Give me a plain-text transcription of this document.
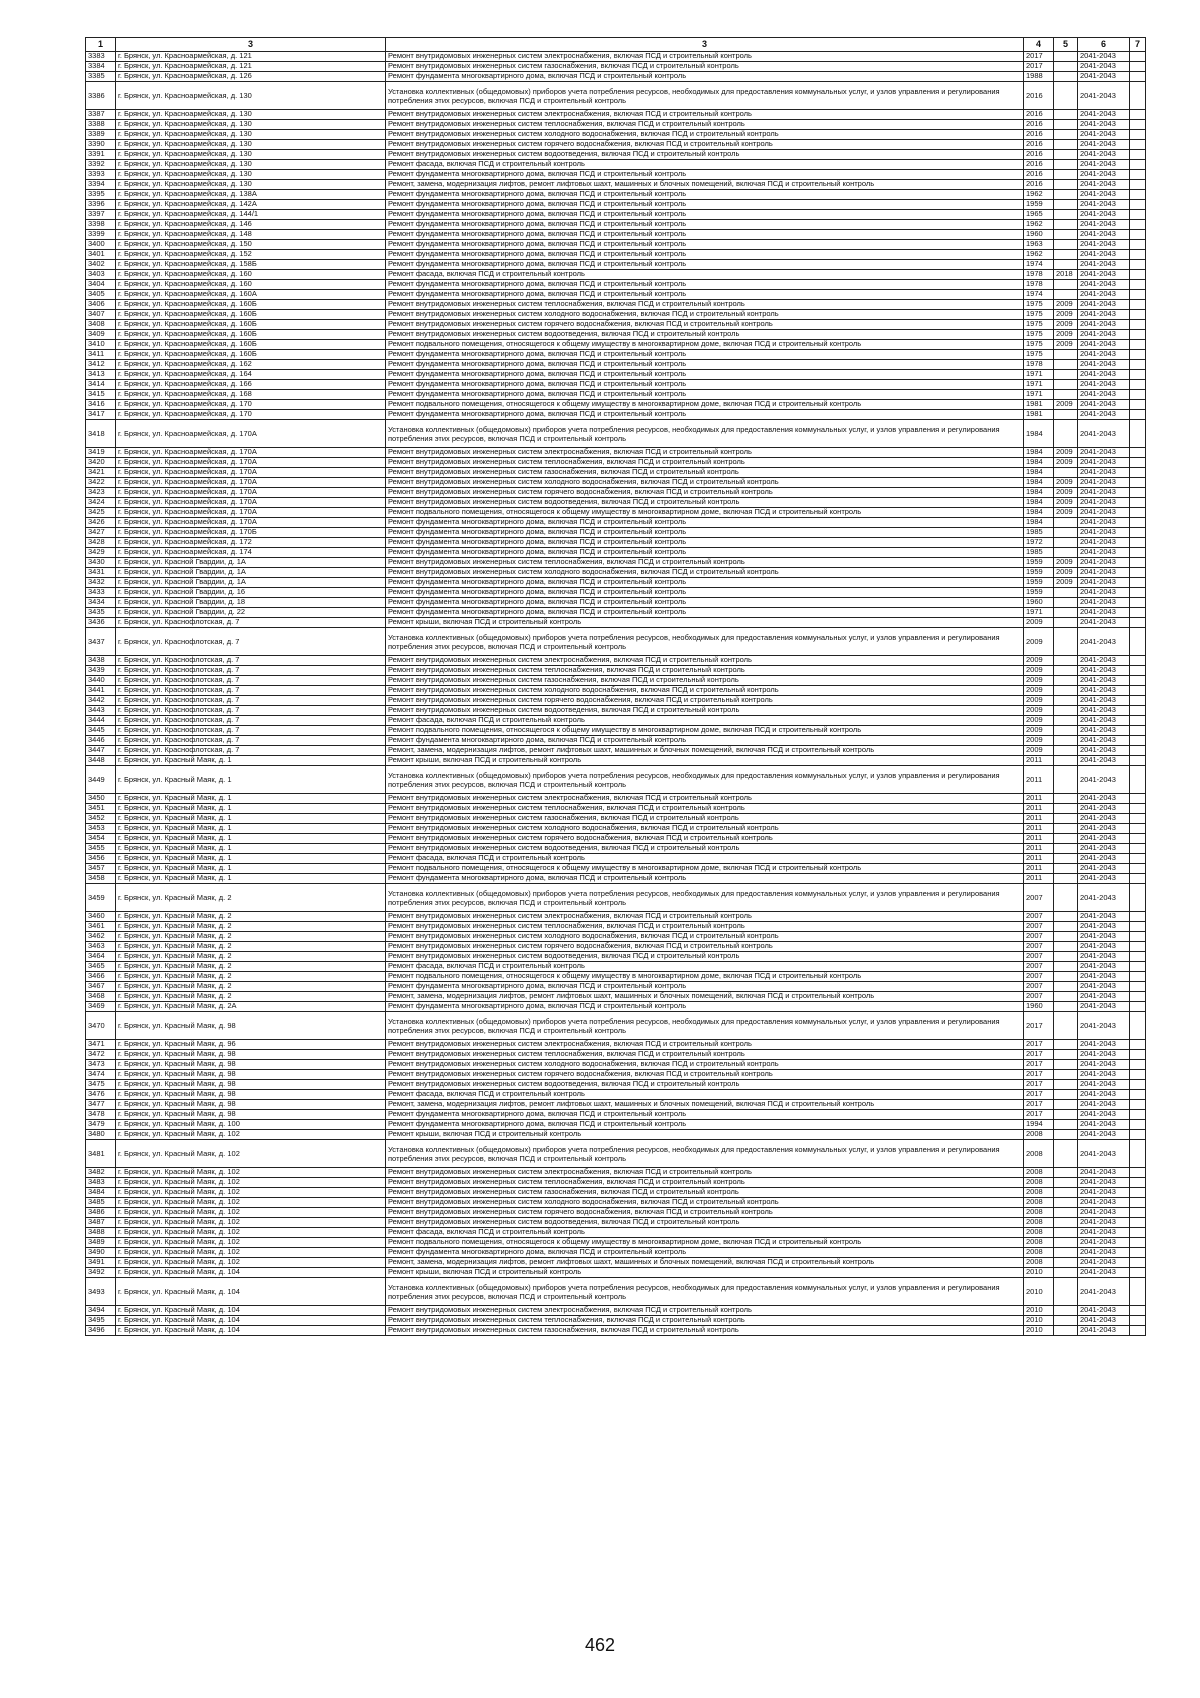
1	3	3	4	5	6	7
3383	г. Брянск, ул. Красноармейская, д. 121	Ремонт внутридомовых инженерных систем электроснабжения, включая ПСД и строительный контроль	2017		2041-2043	
3384	г. Брянск, ул. Красноармейская, д. 121	Ремонт внутридомовых инженерных систем газоснабжения, включая ПСД и строительный контроль	2017		2041-2043	
3385	г. Брянск, ул. Красноармейская, д. 126	Ремонт фундамента многоквартирного дома, включая ПСД и строительный контроль	1988		2041-2043	
3386	г. Брянск, ул. Красноармейская, д. 130	Установка коллективных (общедомовых) приборов учета потребления ресурсов, необходимых для предоставления коммунальных услуг, и узлов управления и регулирования потребления этих ресурсов, включая ПСД и строительный контроль	2016		2041-2043	
3387	г. Брянск, ул. Красноармейская, д. 130	Ремонт внутридомовых инженерных систем электроснабжения, включая ПСД и строительный контроль	2016		2041-2043	
3388	г. Брянск, ул. Красноармейская, д. 130	Ремонт внутридомовых инженерных систем теплоснабжения, включая ПСД и строительный контроль	2016		2041-2043	
3389	г. Брянск, ул. Красноармейская, д. 130	Ремонт внутридомовых инженерных систем холодного водоснабжения, включая ПСД и строительный контроль	2016		2041-2043	
3390	г. Брянск, ул. Красноармейская, д. 130	Ремонт внутридомовых инженерных систем горячего водоснабжения, включая ПСД и строительный контроль	2016		2041-2043	
3391	г. Брянск, ул. Красноармейская, д. 130	Ремонт внутридомовых инженерных систем водоотведения, включая ПСД и строительный контроль	2016		2041-2043	
3392	г. Брянск, ул. Красноармейская, д. 130	Ремонт фасада, включая ПСД и строительный контроль	2016		2041-2043	
3393	г. Брянск, ул. Красноармейская, д. 130	Ремонт фундамента многоквартирного дома, включая ПСД и строительный контроль	2016		2041-2043	
3394	г. Брянск, ул. Красноармейская, д. 130	Ремонт, замена, модернизация лифтов, ремонт лифтовых шахт, машинных и блочных помещений, включая ПСД и строительный контроль	2016		2041-2043	
3395	г. Брянск, ул. Красноармейская, д. 138А	Ремонт фундамента многоквартирного дома, включая ПСД и строительный контроль	1962		2041-2043	
3396	г. Брянск, ул. Красноармейская, д. 142А	Ремонт фундамента многоквартирного дома, включая ПСД и строительный контроль	1959		2041-2043	
3397	г. Брянск, ул. Красноармейская, д. 144/1	Ремонт фундамента многоквартирного дома, включая ПСД и строительный контроль	1965		2041-2043	
3398	г. Брянск, ул. Красноармейская, д. 146	Ремонт фундамента многоквартирного дома, включая ПСД и строительный контроль	1962		2041-2043	
3399	г. Брянск, ул. Красноармейская, д. 148	Ремонт фундамента многоквартирного дома, включая ПСД и строительный контроль	1960		2041-2043	
3400	г. Брянск, ул. Красноармейская, д. 150	Ремонт фундамента многоквартирного дома, включая ПСД и строительный контроль	1963		2041-2043	
3401	г. Брянск, ул. Красноармейская, д. 152	Ремонт фундамента многоквартирного дома, включая ПСД и строительный контроль	1962		2041-2043	
3402	г. Брянск, ул. Красноармейская, д. 158Б	Ремонт фундамента многоквартирного дома, включая ПСД и строительный контроль	1974		2041-2043	
3403	г. Брянск, ул. Красноармейская, д. 160	Ремонт фасада, включая ПСД и строительный контроль	1978	2018	2041-2043	
3404	г. Брянск, ул. Красноармейская, д. 160	Ремонт фундамента многоквартирного дома, включая ПСД и строительный контроль	1978		2041-2043	
3405	г. Брянск, ул. Красноармейская, д. 160А	Ремонт фундамента многоквартирного дома, включая ПСД и строительный контроль	1974		2041-2043	
3406	г. Брянск, ул. Красноармейская, д. 160Б	Ремонт внутридомовых инженерных систем теплоснабжения, включая ПСД и строительный контроль	1975	2009	2041-2043	
3407	г. Брянск, ул. Красноармейская, д. 160Б	Ремонт внутридомовых инженерных систем холодного водоснабжения, включая ПСД и строительный контроль	1975	2009	2041-2043	
3408	г. Брянск, ул. Красноармейская, д. 160Б	Ремонт внутридомовых инженерных систем горячего водоснабжения, включая ПСД и строительный контроль	1975	2009	2041-2043	
3409	г. Брянск, ул. Красноармейская, д. 160Б	Ремонт внутридомовых инженерных систем водоотведения, включая ПСД и строительный контроль	1975	2009	2041-2043	
3410	г. Брянск, ул. Красноармейская, д. 160Б	Ремонт подвального помещения, относящегося к общему имуществу в многоквартирном доме, включая ПСД и строительный контроль	1975	2009	2041-2043	
3411	г. Брянск, ул. Красноармейская, д. 160Б	Ремонт фундамента многоквартирного дома, включая ПСД и строительный контроль	1975		2041-2043	
3412	г. Брянск, ул. Красноармейская, д. 162	Ремонт фундамента многоквартирного дома, включая ПСД и строительный контроль	1978		2041-2043	
3413	г. Брянск, ул. Красноармейская, д. 164	Ремонт фундамента многоквартирного дома, включая ПСД и строительный контроль	1971		2041-2043	
3414	г. Брянск, ул. Красноармейская, д. 166	Ремонт фундамента многоквартирного дома, включая ПСД и строительный контроль	1971		2041-2043	
3415	г. Брянск, ул. Красноармейская, д. 168	Ремонт фундамента многоквартирного дома, включая ПСД и строительный контроль	1971		2041-2043	
3416	г. Брянск, ул. Красноармейская, д. 170	Ремонт подвального помещения, относящегося к общему имуществу в многоквартирном доме, включая ПСД и строительный контроль	1981	2009	2041-2043	
3417	г. Брянск, ул. Красноармейская, д. 170	Ремонт фундамента многоквартирного дома, включая ПСД и строительный контроль	1981		2041-2043	
3418	г. Брянск, ул. Красноармейская, д. 170А	Установка коллективных (общедомовых) приборов учета потребления ресурсов, необходимых для предоставления коммунальных услуг, и узлов управления и регулирования потребления этих ресурсов, включая ПСД и строительный контроль	1984		2041-2043	
3419	г. Брянск, ул. Красноармейская, д. 170А	Ремонт внутридомовых инженерных систем электроснабжения, включая ПСД и строительный контроль	1984	2009	2041-2043	
3420	г. Брянск, ул. Красноармейская, д. 170А	Ремонт внутридомовых инженерных систем теплоснабжения, включая ПСД и строительный контроль	1984	2009	2041-2043	
3421	г. Брянск, ул. Красноармейская, д. 170А	Ремонт внутридомовых инженерных систем газоснабжения, включая ПСД и строительный контроль	1984		2041-2043	
3422	г. Брянск, ул. Красноармейская, д. 170А	Ремонт внутридомовых инженерных систем холодного водоснабжения, включая ПСД и строительный контроль	1984	2009	2041-2043	
3423	г. Брянск, ул. Красноармейская, д. 170А	Ремонт внутридомовых инженерных систем горячего водоснабжения, включая ПСД и строительный контроль	1984	2009	2041-2043	
3424	г. Брянск, ул. Красноармейская, д. 170А	Ремонт внутридомовых инженерных систем водоотведения, включая ПСД и строительный контроль	1984	2009	2041-2043	
3425	г. Брянск, ул. Красноармейская, д. 170А	Ремонт подвального помещения, относящегося к общему имуществу в многоквартирном доме, включая ПСД и строительный контроль	1984	2009	2041-2043	
3426	г. Брянск, ул. Красноармейская, д. 170А	Ремонт фундамента многоквартирного дома, включая ПСД и строительный контроль	1984		2041-2043	
3427	г. Брянск, ул. Красноармейская, д. 170Б	Ремонт фундамента многоквартирного дома, включая ПСД и строительный контроль	1985		2041-2043	
3428	г. Брянск, ул. Красноармейская, д. 172	Ремонт фундамента многоквартирного дома, включая ПСД и строительный контроль	1972		2041-2043	
3429	г. Брянск, ул. Красноармейская, д. 174	Ремонт фундамента многоквартирного дома, включая ПСД и строительный контроль	1985		2041-2043	
3430	г. Брянск, ул. Красной Гвардии, д. 1А	Ремонт внутридомовых инженерных систем теплоснабжения, включая ПСД и строительный контроль	1959	2009	2041-2043	
3431	г. Брянск, ул. Красной Гвардии, д. 1А	Ремонт внутридомовых инженерных систем холодного водоснабжения, включая ПСД и строительный контроль	1959	2009	2041-2043	
3432	г. Брянск, ул. Красной Гвардии, д. 1А	Ремонт фундамента многоквартирного дома, включая ПСД и строительный контроль	1959	2009	2041-2043	
3433	г. Брянск, ул. Красной Гвардии, д. 16	Ремонт фундамента многоквартирного дома, включая ПСД и строительный контроль	1959		2041-2043	
3434	г. Брянск, ул. Красной Гвардии, д. 18	Ремонт фундамента многоквартирного дома, включая ПСД и строительный контроль	1960		2041-2043	
3435	г. Брянск, ул. Красной Гвардии, д. 22	Ремонт фундамента многоквартирного дома, включая ПСД и строительный контроль	1971		2041-2043	
3436	г. Брянск, ул. Краснофлотская, д. 7	Ремонт крыши, включая ПСД и строительный контроль	2009		2041-2043	
3437	г. Брянск, ул. Краснофлотская, д. 7	Установка коллективных (общедомовых) приборов учета потребления ресурсов, необходимых для предоставления коммунальных услуг, и узлов управления и регулирования потребления этих ресурсов, включая ПСД и строительный контроль	2009		2041-2043	
3438	г. Брянск, ул. Краснофлотская, д. 7	Ремонт внутридомовых инженерных систем электроснабжения, включая ПСД и строительный контроль	2009		2041-2043	
3439	г. Брянск, ул. Краснофлотская, д. 7	Ремонт внутридомовых инженерных систем теплоснабжения, включая ПСД и строительный контроль	2009		2041-2043	
3440	г. Брянск, ул. Краснофлотская, д. 7	Ремонт внутридомовых инженерных систем газоснабжения, включая ПСД и строительный контроль	2009		2041-2043	
3441	г. Брянск, ул. Краснофлотская, д. 7	Ремонт внутридомовых инженерных систем холодного водоснабжения, включая ПСД и строительный контроль	2009		2041-2043	
3442	г. Брянск, ул. Краснофлотская, д. 7	Ремонт внутридомовых инженерных систем горячего водоснабжения, включая ПСД и строительный контроль	2009		2041-2043	
3443	г. Брянск, ул. Краснофлотская, д. 7	Ремонт внутридомовых инженерных систем водоотведения, включая ПСД и строительный контроль	2009		2041-2043	
3444	г. Брянск, ул. Краснофлотская, д. 7	Ремонт фасада, включая ПСД и строительный контроль	2009		2041-2043	
3445	г. Брянск, ул. Краснофлотская, д. 7	Ремонт подвального помещения, относящегося к общему имуществу в многоквартирном доме, включая ПСД и строительный контроль	2009		2041-2043	
3446	г. Брянск, ул. Краснофлотская, д. 7	Ремонт фундамента многоквартирного дома, включая ПСД и строительный контроль	2009		2041-2043	
3447	г. Брянск, ул. Краснофлотская, д. 7	Ремонт, замена, модернизация лифтов, ремонт лифтовых шахт, машинных и блочных помещений, включая ПСД и строительный контроль	2009		2041-2043	
3448	г. Брянск, ул. Красный Маяк, д. 1	Ремонт крыши, включая ПСД и строительный контроль	2011		2041-2043	
3449	г. Брянск, ул. Красный Маяк, д. 1	Установка коллективных (общедомовых) приборов учета потребления ресурсов, необходимых для предоставления коммунальных услуг, и узлов управления и регулирования потребления этих ресурсов, включая ПСД и строительный контроль	2011		2041-2043	
3450	г. Брянск, ул. Красный Маяк, д. 1	Ремонт внутридомовых инженерных систем электроснабжения, включая ПСД и строительный контроль	2011		2041-2043	
3451	г. Брянск, ул. Красный Маяк, д. 1	Ремонт внутридомовых инженерных систем теплоснабжения, включая ПСД и строительный контроль	2011		2041-2043	
3452	г. Брянск, ул. Красный Маяк, д. 1	Ремонт внутридомовых инженерных систем газоснабжения, включая ПСД и строительный контроль	2011		2041-2043	
3453	г. Брянск, ул. Красный Маяк, д. 1	Ремонт внутридомовых инженерных систем холодного водоснабжения, включая ПСД и строительный контроль	2011		2041-2043	
3454	г. Брянск, ул. Красный Маяк, д. 1	Ремонт внутридомовых инженерных систем горячего водоснабжения, включая ПСД и строительный контроль	2011		2041-2043	
3455	г. Брянск, ул. Красный Маяк, д. 1	Ремонт внутридомовых инженерных систем водоотведения, включая ПСД и строительный контроль	2011		2041-2043	
3456	г. Брянск, ул. Красный Маяк, д. 1	Ремонт фасада, включая ПСД и строительный контроль	2011		2041-2043	
3457	г. Брянск, ул. Красный Маяк, д. 1	Ремонт подвального помещения, относящегося к общему имуществу в многоквартирном доме, включая ПСД и строительный контроль	2011		2041-2043	
3458	г. Брянск, ул. Красный Маяк, д. 1	Ремонт фундамента многоквартирного дома, включая ПСД и строительный контроль	2011		2041-2043	
3459	г. Брянск, ул. Красный Маяк, д. 2	Установка коллективных (общедомовых) приборов учета потребления ресурсов, необходимых для предоставления коммунальных услуг, и узлов управления и регулирования потребления этих ресурсов, включая ПСД и строительный контроль	2007		2041-2043	
3460	г. Брянск, ул. Красный Маяк, д. 2	Ремонт внутридомовых инженерных систем электроснабжения, включая ПСД и строительный контроль	2007		2041-2043	
3461	г. Брянск, ул. Красный Маяк, д. 2	Ремонт внутридомовых инженерных систем теплоснабжения, включая ПСД и строительный контроль	2007		2041-2043	
3462	г. Брянск, ул. Красный Маяк, д. 2	Ремонт внутридомовых инженерных систем холодного водоснабжения, включая ПСД и строительный контроль	2007		2041-2043	
3463	г. Брянск, ул. Красный Маяк, д. 2	Ремонт внутридомовых инженерных систем горячего водоснабжения, включая ПСД и строительный контроль	2007		2041-2043	
3464	г. Брянск, ул. Красный Маяк, д. 2	Ремонт внутридомовых инженерных систем водоотведения, включая ПСД и строительный контроль	2007		2041-2043	
3465	г. Брянск, ул. Красный Маяк, д. 2	Ремонт фасада, включая ПСД и строительный контроль	2007		2041-2043	
3466	г. Брянск, ул. Красный Маяк, д. 2	Ремонт подвального помещения, относящегося к общему имуществу в многоквартирном доме, включая ПСД и строительный контроль	2007		2041-2043	
3467	г. Брянск, ул. Красный Маяк, д. 2	Ремонт фундамента многоквартирного дома, включая ПСД и строительный контроль	2007		2041-2043	
3468	г. Брянск, ул. Красный Маяк, д. 2	Ремонт, замена, модернизация лифтов, ремонт лифтовых шахт, машинных и блочных помещений, включая ПСД и строительный контроль	2007		2041-2043	
3469	г. Брянск, ул. Красный Маяк, д. 2А	Ремонт фундамента многоквартирного дома, включая ПСД и строительный контроль	1960		2041-2043	
3470	г. Брянск, ул. Красный Маяк, д. 98	Установка коллективных (общедомовых) приборов учета потребления ресурсов, необходимых для предоставления коммунальных услуг, и узлов управления и регулирования потребления этих ресурсов, включая ПСД и строительный контроль	2017		2041-2043	
3471	г. Брянск, ул. Красный Маяк, д. 96	Ремонт внутридомовых инженерных систем электроснабжения, включая ПСД и строительный контроль	2017		2041-2043	
3472	г. Брянск, ул. Красный Маяк, д. 98	Ремонт внутридомовых инженерных систем теплоснабжения, включая ПСД и строительный контроль	2017		2041-2043	
3473	г. Брянск, ул. Красный Маяк, д. 98	Ремонт внутридомовых инженерных систем холодного водоснабжения, включая ПСД и строительный контроль	2017		2041-2043	
3474	г. Брянск, ул. Красный Маяк, д. 98	Ремонт внутридомовых инженерных систем горячего водоснабжения, включая ПСД и строительный контроль	2017		2041-2043	
3475	г. Брянск, ул. Красный Маяк, д. 98	Ремонт внутридомовых инженерных систем водоотведения, включая ПСД и строительный контроль	2017		2041-2043	
3476	г. Брянск, ул. Красный Маяк, д. 98	Ремонт фасада, включая ПСД и строительный контроль	2017		2041-2043	
3477	г. Брянск, ул. Красный Маяк, д. 98	Ремонт, замена, модернизация лифтов, ремонт лифтовых шахт, машинных и блочных помещений, включая ПСД и строительный контроль	2017		2041-2043	
3478	г. Брянск, ул. Красный Маяк, д. 98	Ремонт фундамента многоквартирного дома, включая ПСД и строительный контроль	2017		2041-2043	
3479	г. Брянск, ул. Красный Маяк, д. 100	Ремонт фундамента многоквартирного дома, включая ПСД и строительный контроль	1994		2041-2043	
3480	г. Брянск, ул. Красный Маяк, д. 102	Ремонт крыши, включая ПСД и строительный контроль	2008		2041-2043	
3481	г. Брянск, ул. Красный Маяк, д. 102	Установка коллективных (общедомовых) приборов учета потребления ресурсов, необходимых для предоставления коммунальных услуг, и узлов управления и регулирования потребления этих ресурсов, включая ПСД и строительный контроль	2008		2041-2043	
3482	г. Брянск, ул. Красный Маяк, д. 102	Ремонт внутридомовых инженерных систем электроснабжения, включая ПСД и строительный контроль	2008		2041-2043	
3483	г. Брянск, ул. Красный Маяк, д. 102	Ремонт внутридомовых инженерных систем теплоснабжения, включая ПСД и строительный контроль	2008		2041-2043	
3484	г. Брянск, ул. Красный Маяк, д. 102	Ремонт внутридомовых инженерных систем газоснабжения, включая ПСД и строительный контроль	2008		2041-2043	
3485	г. Брянск, ул. Красный Маяк, д. 102	Ремонт внутридомовых инженерных систем холодного водоснабжения, включая ПСД и строительный контроль	2008		2041-2043	
3486	г. Брянск, ул. Красный Маяк, д. 102	Ремонт внутридомовых инженерных систем горячего водоснабжения, включая ПСД и строительный контроль	2008		2041-2043	
3487	г. Брянск, ул. Красный Маяк, д. 102	Ремонт внутридомовых инженерных систем водоотведения, включая ПСД и строительный контроль	2008		2041-2043	
3488	г. Брянск, ул. Красный Маяк, д. 102	Ремонт фасада, включая ПСД и строительный контроль	2008		2041-2043	
3489	г. Брянск, ул. Красный Маяк, д. 102	Ремонт подвального помещения, относящегося к общему имуществу в многоквартирном доме, включая ПСД и строительный контроль	2008		2041-2043	
3490	г. Брянск, ул. Красный Маяк, д. 102	Ремонт фундамента многоквартирного дома, включая ПСД и строительный контроль	2008		2041-2043	
3491	г. Брянск, ул. Красный Маяк, д. 102	Ремонт, замена, модернизация лифтов, ремонт лифтовых шахт, машинных и блочных помещений, включая ПСД и строительный контроль	2008		2041-2043	
3492	г. Брянск, ул. Красный Маяк, д. 104	Ремонт крыши, включая ПСД и строительный контроль	2010		2041-2043	
3493	г. Брянск, ул. Красный Маяк, д. 104	Установка коллективных (общедомовых) приборов учета потребления ресурсов, необходимых для предоставления коммунальных услуг, и узлов управления и регулирования потребления этих ресурсов, включая ПСД и строительный контроль	2010		2041-2043	
3494	г. Брянск, ул. Красный Маяк, д. 104	Ремонт внутридомовых инженерных систем электроснабжения, включая ПСД и строительный контроль	2010		2041-2043	
3495	г. Брянск, ул. Красный Маяк, д. 104	Ремонт внутридомовых инженерных систем теплоснабжения, включая ПСД и строительный контроль	2010		2041-2043	
3496	г. Брянск, ул. Красный Маяк, д. 104	Ремонт внутридомовых инженерных систем газоснабжения, включая ПСД и строительный контроль	2010		2041-2043	
462
